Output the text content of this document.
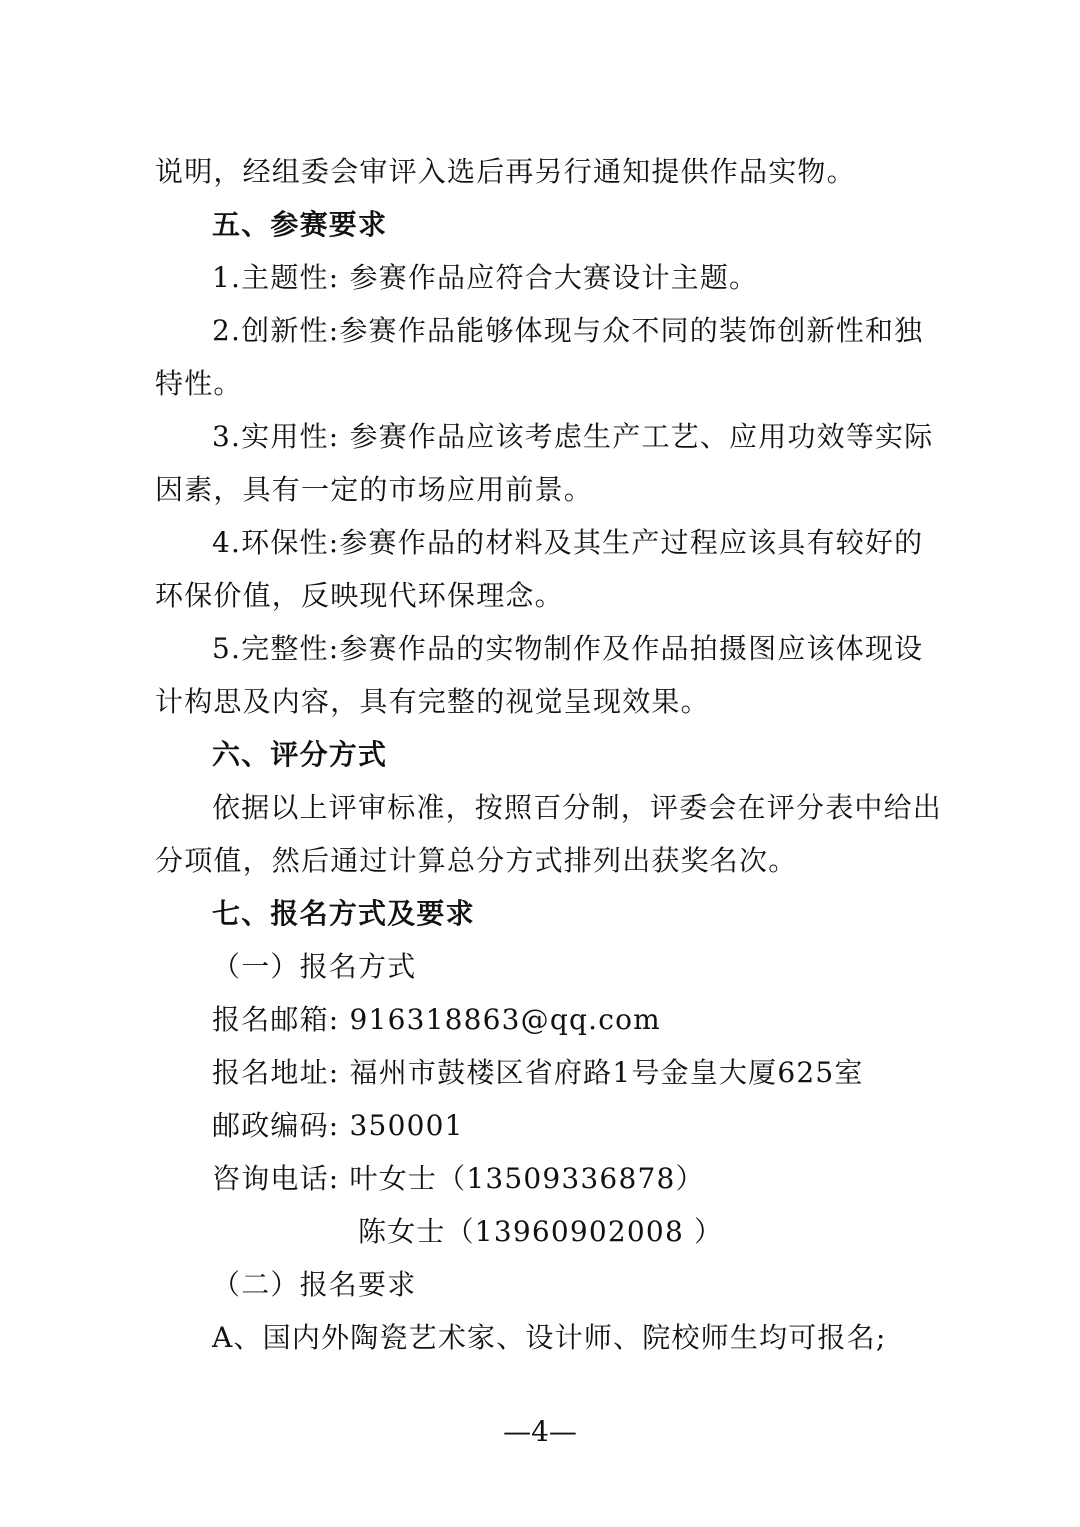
说明，经组委会审评入选后再另行通知提供作品实物。
五、参赛要求
1.主题性: 参赛作品应符合大赛设计主题。
2.创新性:参赛作品能够体现与众不同的装饰创新性和独
特性。
3.实用性: 参赛作品应该考虑生产工艺、应用功效等实际
因素，具有一定的市场应用前景。
4.环保性:参赛作品的材料及其生产过程应该具有较好的
环保价值，反映现代环保理念。
5.完整性:参赛作品的实物制作及作品拍摄图应该体现设
计构思及内容，具有完整的视觉呈现效果。
六、评分方式
依据以上评审标准，按照百分制，评委会在评分表中给出
分项值，然后通过计算总分方式排列出获奖名次。
七、报名方式及要求
（一）报名方式
报名邮箱: 916318863@qq.com
报名地址: 福州市鼓楼区省府路1号金皇大厦625室
邮政编码: 350001
咨询电话: 叶女士（13509336878）
陈女士（13960902008 ）
（二）报名要求
A、国内外陶瓷艺术家、设计师、院校师生均可报名;
—4—
